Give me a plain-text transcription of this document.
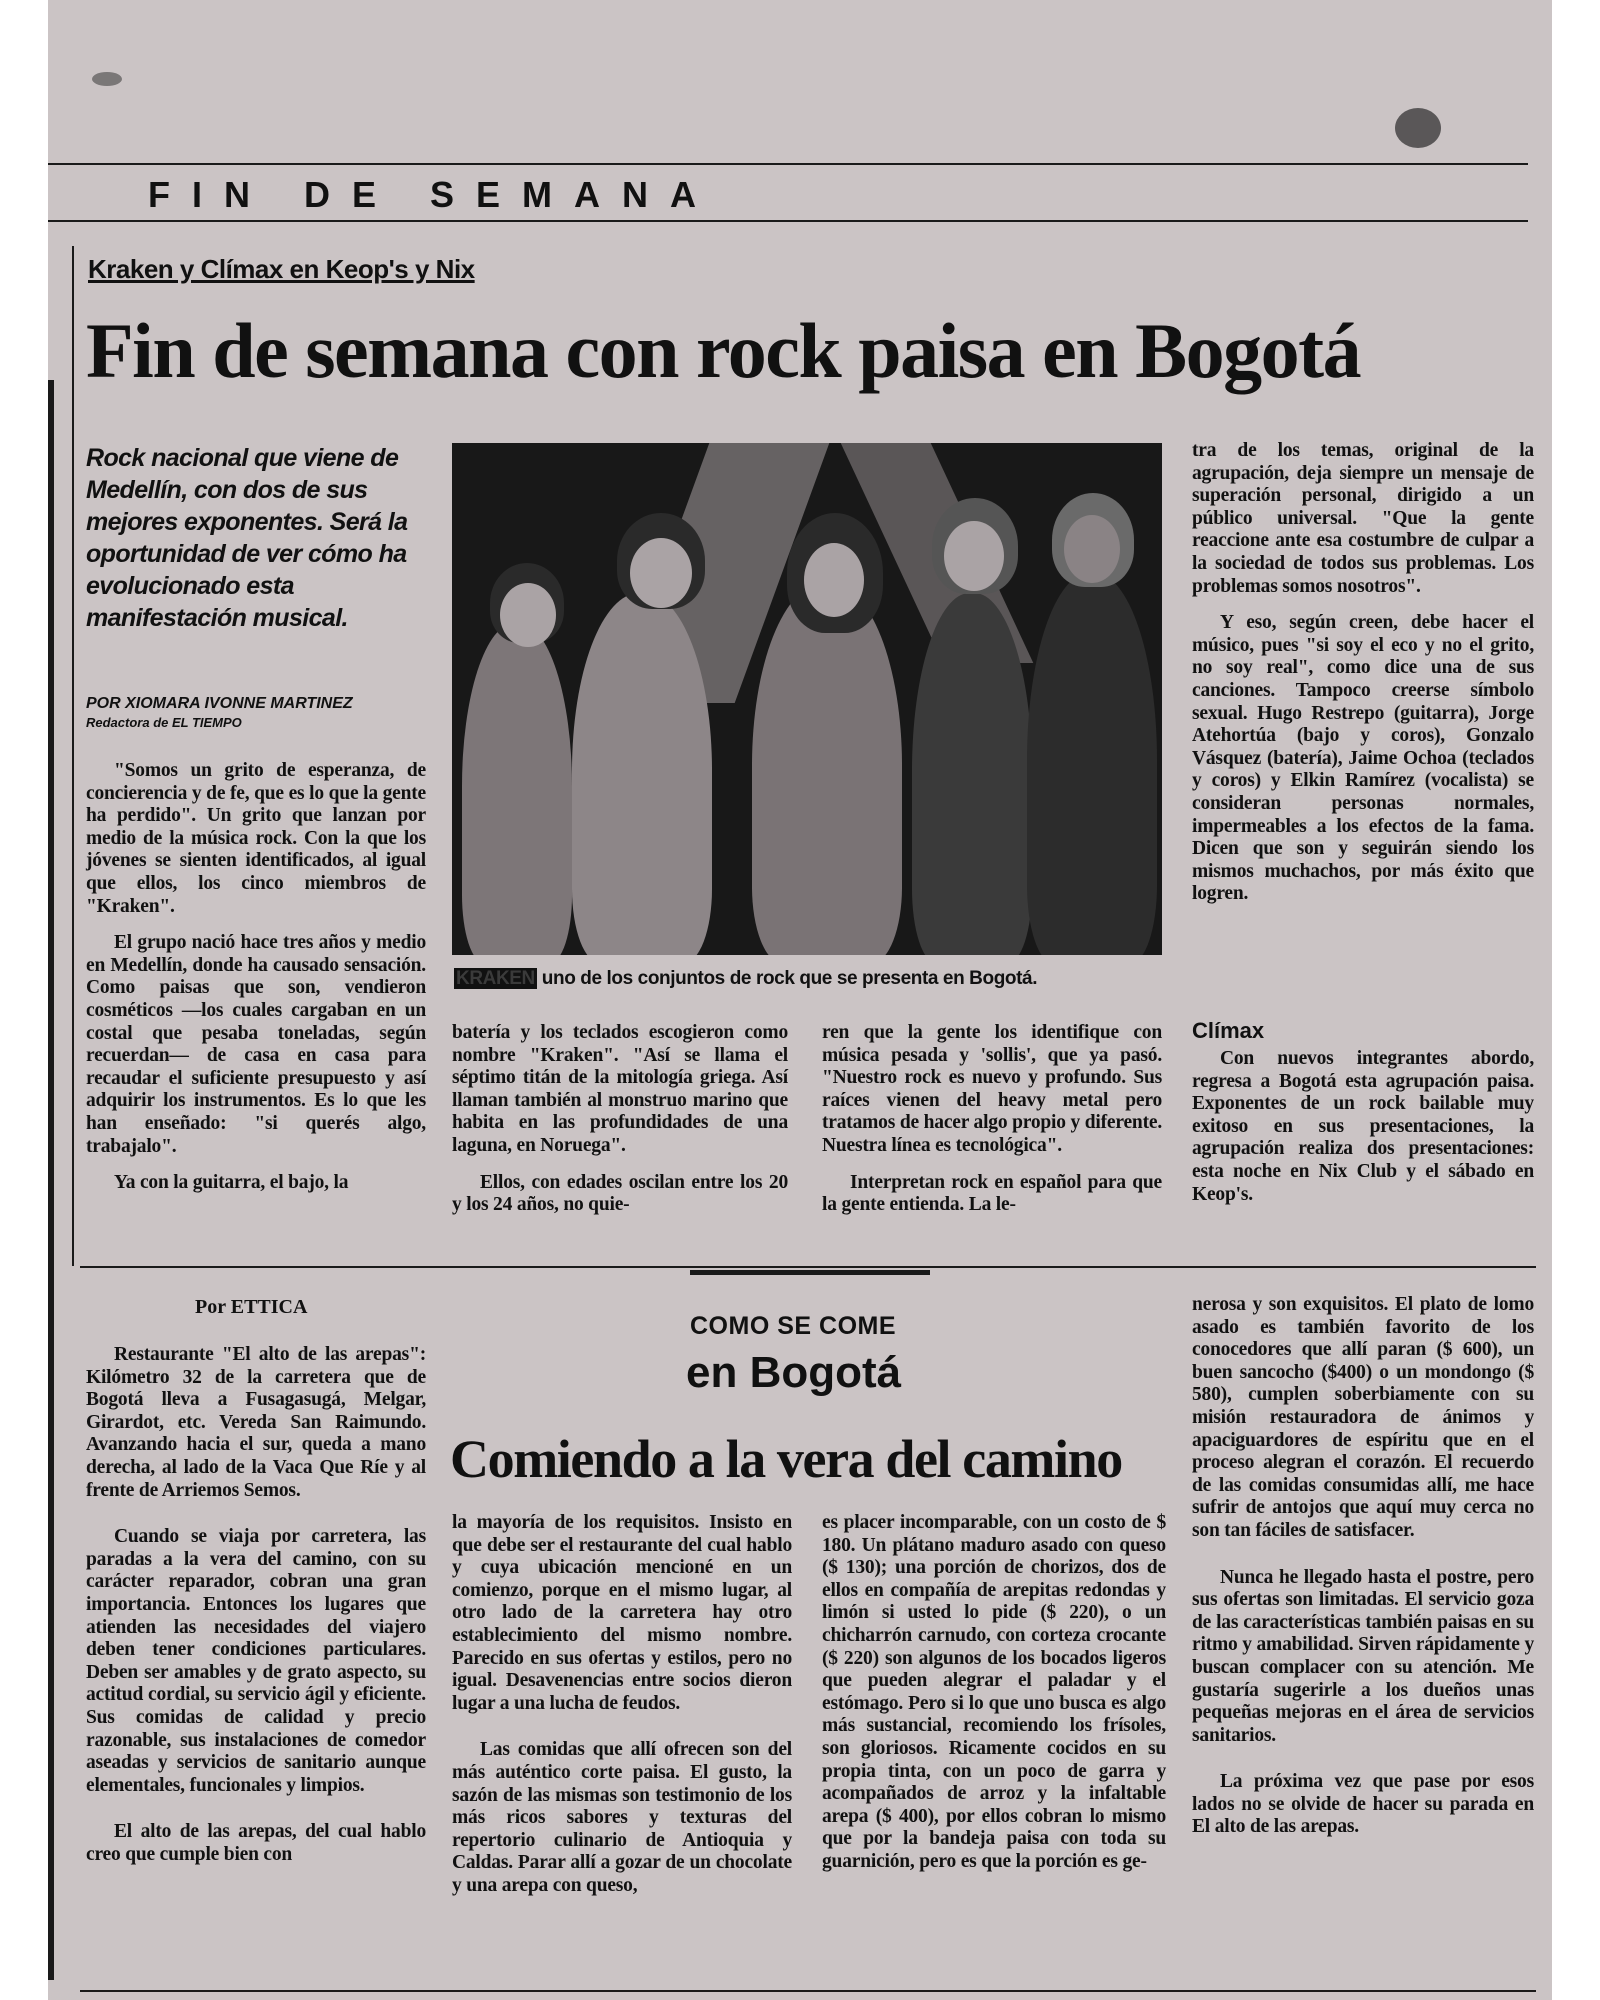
FIN DE SEMANA
Kraken y Clímax en Keop's y Nix
Fin de semana con rock paisa en Bogotá
Rock nacional que viene de Medellín, con dos de sus mejores exponentes. Será la oportunidad de ver cómo ha evolucionado esta manifestación musical.
POR XIOMARA IVONNE MARTINEZ
Redactora de EL TIEMPO
KRAKEN uno de los conjuntos de rock que se presenta en Bogotá.

"Somos un grito de esperanza, de concierencia y de fe, que es lo que la gente ha perdido". Un grito que lanzan por medio de la música rock. Con la que los jóvenes se sienten identificados, al igual que ellos, los cinco miembros de "Kraken".

El grupo nació hace tres años y medio en Medellín, donde ha causado sensación. Como paisas que son, vendieron cosméticos —los cuales cargaban en un costal que pesaba toneladas, según recuerdan— de casa en casa para recaudar el suficiente presupuesto y así adquirir los instrumentos. Es lo que les han enseñado: "si querés algo, trabajalo".

Ya con la guitarra, el bajo, la

batería y los teclados escogieron como nombre "Kraken". "Así se llama el séptimo titán de la mitología griega. Así llaman también al monstruo marino que habita en las profundidades de una laguna, en Noruega".

Ellos, con edades oscilan entre los 20 y los 24 años, no quie-

ren que la gente los identifique con música pesada y 'sollis', que ya pasó. "Nuestro rock es nuevo y profundo. Sus raíces vienen del heavy metal pero tratamos de hacer algo propio y diferente. Nuestra línea es tecnológica".

Interpretan rock en español para que la gente entienda. La le-

tra de los temas, original de la agrupación, deja siempre un mensaje de superación personal, dirigido a un público universal. "Que la gente reaccione ante esa costumbre de culpar a la sociedad de todos sus problemas. Los problemas somos nosotros".

Y eso, según creen, debe hacer el músico, pues "si soy el eco y no el grito, no soy real", como dice una de sus canciones. Tampoco creerse símbolo sexual. Hugo Restrepo (guitarra), Jorge Atehortúa (bajo y coros), Gonzalo Vásquez (batería), Jaime Ochoa (teclados y coros) y Elkin Ramírez (vocalista) se consideran personas normales, impermeables a los efectos de la fama. Dicen que son y seguirán siendo los mismos muchachos, por más éxito que logren.

Clímax

Con nuevos integrantes abordo, regresa a Bogotá esta agrupación paisa. Exponentes de un rock bailable muy exitoso en sus presentaciones, la agrupación realiza dos presentaciones: esta noche en Nix Club y el sábado en Keop's.

Por ETTICA
COMO SE COME
en Bogotá
Comiendo a la vera del camino

Restaurante "El alto de las arepas": Kilómetro 32 de la carretera que de Bogotá lleva a Fusagasugá, Melgar, Girardot, etc. Vereda San Raimundo. Avanzando hacia el sur, queda a mano derecha, al lado de la Vaca Que Ríe y al frente de Arriemos Semos.

Cuando se viaja por carretera, las paradas a la vera del camino, con su carácter reparador, cobran una gran importancia. Entonces los lugares que atienden las necesidades del viajero deben tener condiciones particulares. Deben ser amables y de grato aspecto, su actitud cordial, su servicio ágil y eficiente. Sus comidas de calidad y precio razonable, sus instalaciones de comedor aseadas y servicios de sanitario aunque elementales, funcionales y limpios.

El alto de las arepas, del cual hablo creo que cumple bien con

la mayoría de los requisitos. Insisto en que debe ser el restaurante del cual hablo y cuya ubicación mencioné en un comienzo, porque en el mismo lugar, al otro lado de la carretera hay otro establecimiento del mismo nombre. Parecido en sus ofertas y estilos, pero no igual. Desavenencias entre socios dieron lugar a una lucha de feudos.

Las comidas que allí ofrecen son del más auténtico corte paisa. El gusto, la sazón de las mismas son testimonio de los más ricos sabores y texturas del repertorio culinario de Antioquia y Caldas. Parar allí a gozar de un chocolate y una arepa con queso,

es placer incomparable, con un costo de $ 180. Un plátano maduro asado con queso ($ 130); una porción de chorizos, dos de ellos en compañía de arepitas redondas y limón si usted lo pide ($ 220), o un chicharrón carnudo, con corteza crocante ($ 220) son algunos de los bocados ligeros que pueden alegrar el paladar y el estómago. Pero si lo que uno busca es algo más sustancial, recomiendo los frísoles, son gloriosos. Ricamente cocidos en su propia tinta, con un poco de garra y acompañados de arroz y la infaltable arepa ($ 400), por ellos cobran lo mismo que por la bandeja paisa con toda su guarnición, pero es que la porción es ge-

nerosa y son exquisitos. El plato de lomo asado es también favorito de los conocedores que allí paran ($ 600), un buen sancocho ($400) o un mondongo ($ 580), cumplen soberbiamente con su misión restauradora de ánimos y apaciguardores de espíritu que en el proceso alegran el corazón. El recuerdo de las comidas consumidas allí, me hace sufrir de antojos que aquí muy cerca no son tan fáciles de satisfacer.

Nunca he llegado hasta el postre, pero sus ofertas son limitadas. El servicio goza de las características también paisas en su ritmo y amabilidad. Sirven rápidamente y buscan complacer con su atención. Me gustaría sugerirle a los dueños unas pequeñas mejoras en el área de servicios sanitarios.

La próxima vez que pase por esos lados no se olvide de hacer su parada en El alto de las arepas.
